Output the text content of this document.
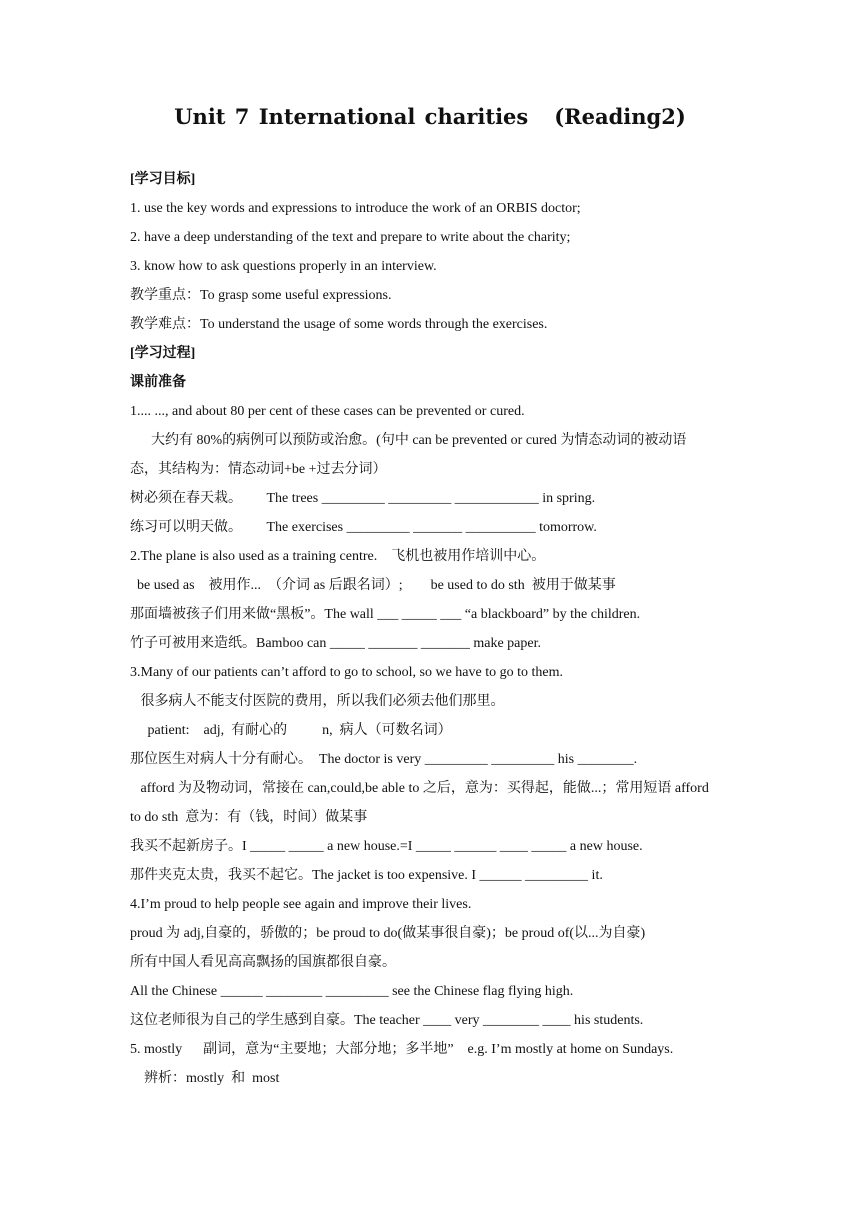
Unit 7 International charities (Reading2)
[学习目标]
1. use the key words and expressions to introduce the work of an ORBIS doctor;
2. have a deep understanding of the text and prepare to write about the charity;
3. know how to ask questions properly in an interview.
教学重点：To grasp some useful expressions.
教学难点：To understand the usage of some words through the exercises.
[学习过程]
课前准备
1.... ..., and about 80 per cent of these cases can be prevented or cured.
大约有 80%的病例可以预防或治愈。(句中 can be prevented or cured 为情态动词的被动语
态，其结构为：情态动词+be +过去分词）
树必须在春天栽。       The trees _________ _________ ____________ in spring.
练习可以明天做。       The exercises _________ _______ __________ tomorrow.
2.The plane is also used as a training centre.    飞机也被用作培训中心。
be used as    被用作...  （介词 as 后跟名词）;        be used to do sth  被用于做某事
那面墙被孩子们用来做“黑板”。The wall ___ _____ ___ “a blackboard” by the children.
竹子可被用来造纸。Bamboo can _____ _______ _______ make paper.
3.Many of our patients can’t afford to go to school, so we have to go to them.
很多病人不能支付医院的费用，所以我们必须去他们那里。
patient:    adj,  有耐心的          n,  病人（可数名词）
那位医生对病人十分有耐心。  The doctor is very _________ _________ his ________.
afford 为及物动词，常接在 can,could,be able to 之后，意为：买得起，能做...；常用短语 afford
to do sth  意为：有（钱，时间）做某事
我买不起新房子。I _____ _____ a new house.=I _____ ______ ____ _____ a new house.
那件夹克太贵，我买不起它。The jacket is too expensive. I ______ _________ it.
4.I’m proud to help people see again and improve their lives.
proud 为 adj,自豪的，骄傲的；be proud to do(做某事很自豪)；be proud of(以...为自豪)
所有中国人看见高高飘扬的国旗都很自豪。
All the Chinese ______ ________ _________ see the Chinese flag flying high.
这位老师很为自己的学生感到自豪。The teacher ____ very ________ ____ his students.
5. mostly      副词，意为“主要地；大部分地；多半地”    e.g. I’m mostly at home on Sundays.
辨析：mostly  和  most
